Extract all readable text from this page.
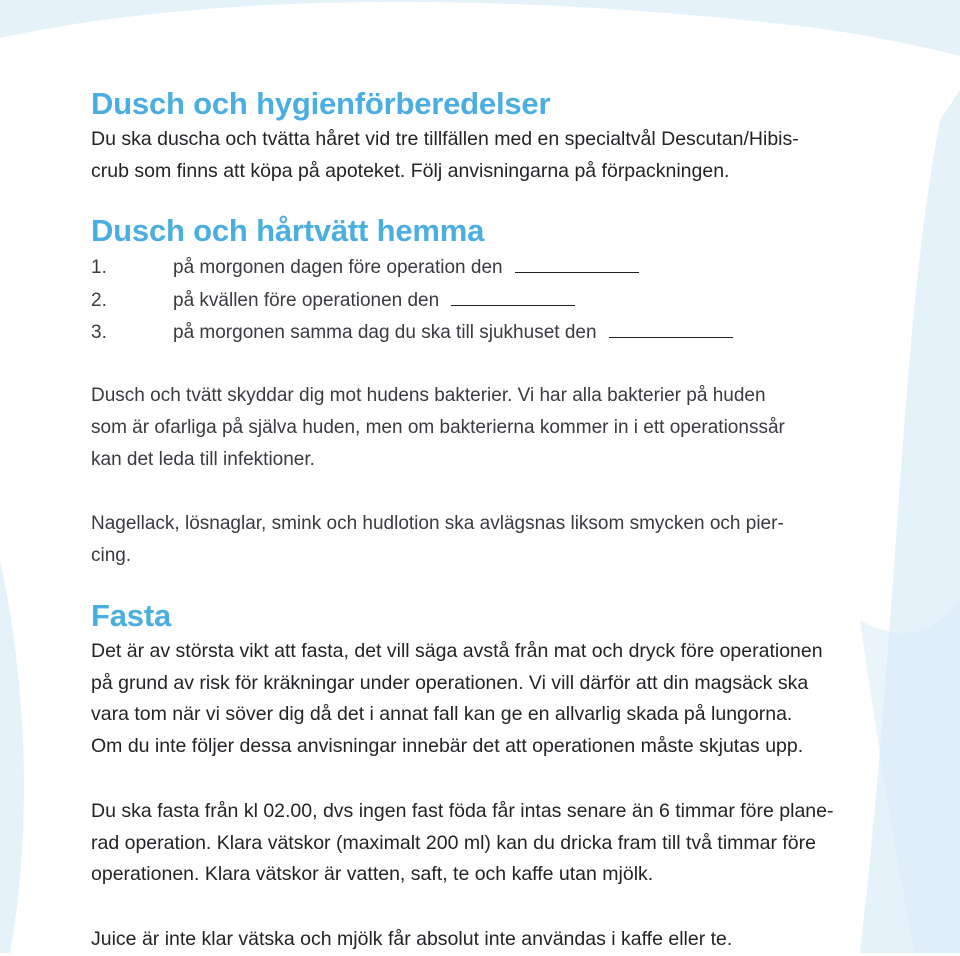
Dusch och hygienförberedelser

Du ska duscha och tvätta håret vid tre tillfällen med en specialtvål Descutan/Hibis-
crub som finns att köpa på apoteket. Följ anvisningarna på förpackningen.

Dusch och hårtvätt hemma
1.	på morgonen dagen före operation den
2.	på kvällen före operationen den
3.	på morgonen samma dag du ska till sjukhuset den

Dusch och tvätt skyddar dig mot hudens bakterier. Vi har alla bakterier på huden
som är ofarliga på själva huden, men om bakterierna kommer in i ett operationssår
kan det leda till infektioner.

Nagellack, lösnaglar, smink och hudlotion ska avlägsnas liksom smycken och pier-
cing.

Fasta

Det är av största vikt att fasta, det vill säga avstå från mat och dryck före operationen
på grund av risk för kräkningar under operationen. Vi vill därför att din magsäck ska
vara tom när vi söver dig då det i annat fall kan ge en allvarlig skada på lungorna.
Om du inte följer dessa anvisningar innebär det att operationen måste skjutas upp.

Du ska fasta från kl 02.00, dvs ingen fast föda får intas senare än 6 timmar före plane-
rad operation. Klara vätskor (maximalt 200 ml) kan du dricka fram till två timmar före
operationen. Klara vätskor är vatten, saft, te och kaffe utan mjölk.

Juice är inte klar vätska och mjölk får absolut inte användas i kaffe eller te.
